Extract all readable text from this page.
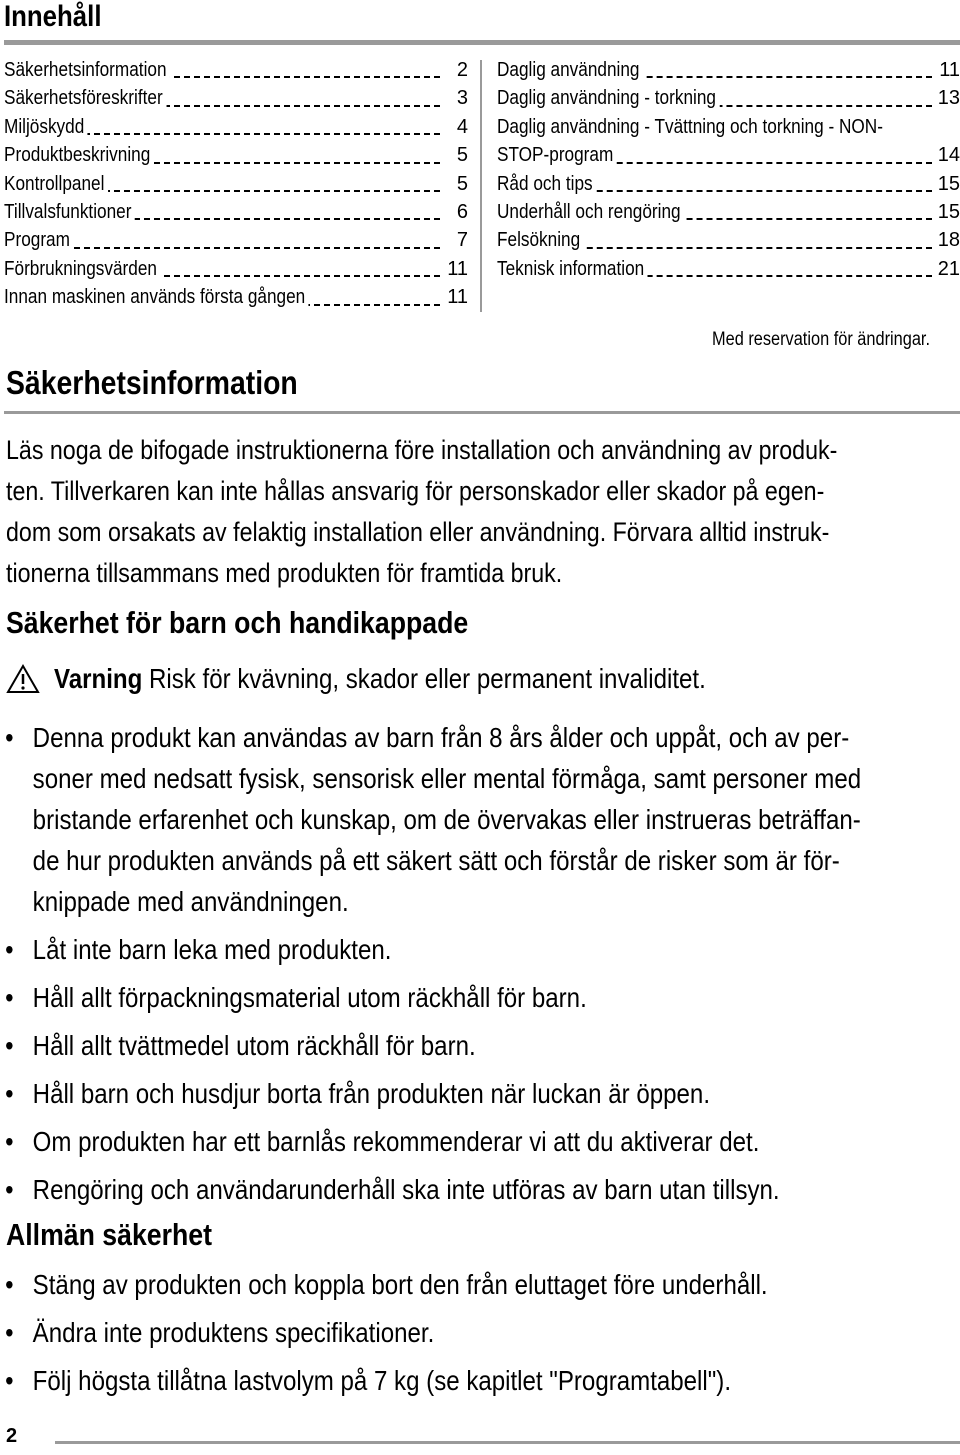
Innehåll
Säkerhetsinformation	2
Säkerhetsföreskrifter	3
Miljöskydd	4
Produktbeskrivning	5
Kontrollpanel	5
Tillvalsfunktioner	6
Program	7
Förbrukningsvärden	11
Innan maskinen används första gången	11
Daglig användning	11
Daglig användning - torkning	13
Daglig användning - Tvättning och torkning - NON-
STOP-program	14
Råd och tips	15
Underhåll och rengöring	15
Felsökning	18
Teknisk information	21
Med reservation för ändringar.
Säkerhetsinformation
Läs noga de bifogade instruktionerna före installation och användning av produk-
ten. Tillverkaren kan inte hållas ansvarig för personskador eller skador på egen-
dom som orsakats av felaktig installation eller användning. Förvara alltid instruk-
tionerna tillsammans med produkten för framtida bruk.
Säkerhet för barn och handikappade
Varning Risk för kvävning, skador eller permanent invaliditet.
• Denna produkt kan användas av barn från 8 års ålder och uppåt, och av per-
soner med nedsatt fysisk, sensorisk eller mental förmåga, samt personer med
bristande erfarenhet och kunskap, om de övervakas eller instrueras beträffan-
de hur produkten används på ett säkert sätt och förstår de risker som är för-
knippade med användningen.
• Låt inte barn leka med produkten.
• Håll allt förpackningsmaterial utom räckhåll för barn.
• Håll allt tvättmedel utom räckhåll för barn.
• Håll barn och husdjur borta från produkten när luckan är öppen.
• Om produkten har ett barnlås rekommenderar vi att du aktiverar det.
• Rengöring och användarunderhåll ska inte utföras av barn utan tillsyn.
Allmän säkerhet
• Stäng av produkten och koppla bort den från eluttaget före underhåll.
• Ändra inte produktens specifikationer.
• Följ högsta tillåtna lastvolym på 7 kg (se kapitlet "Programtabell").
2
